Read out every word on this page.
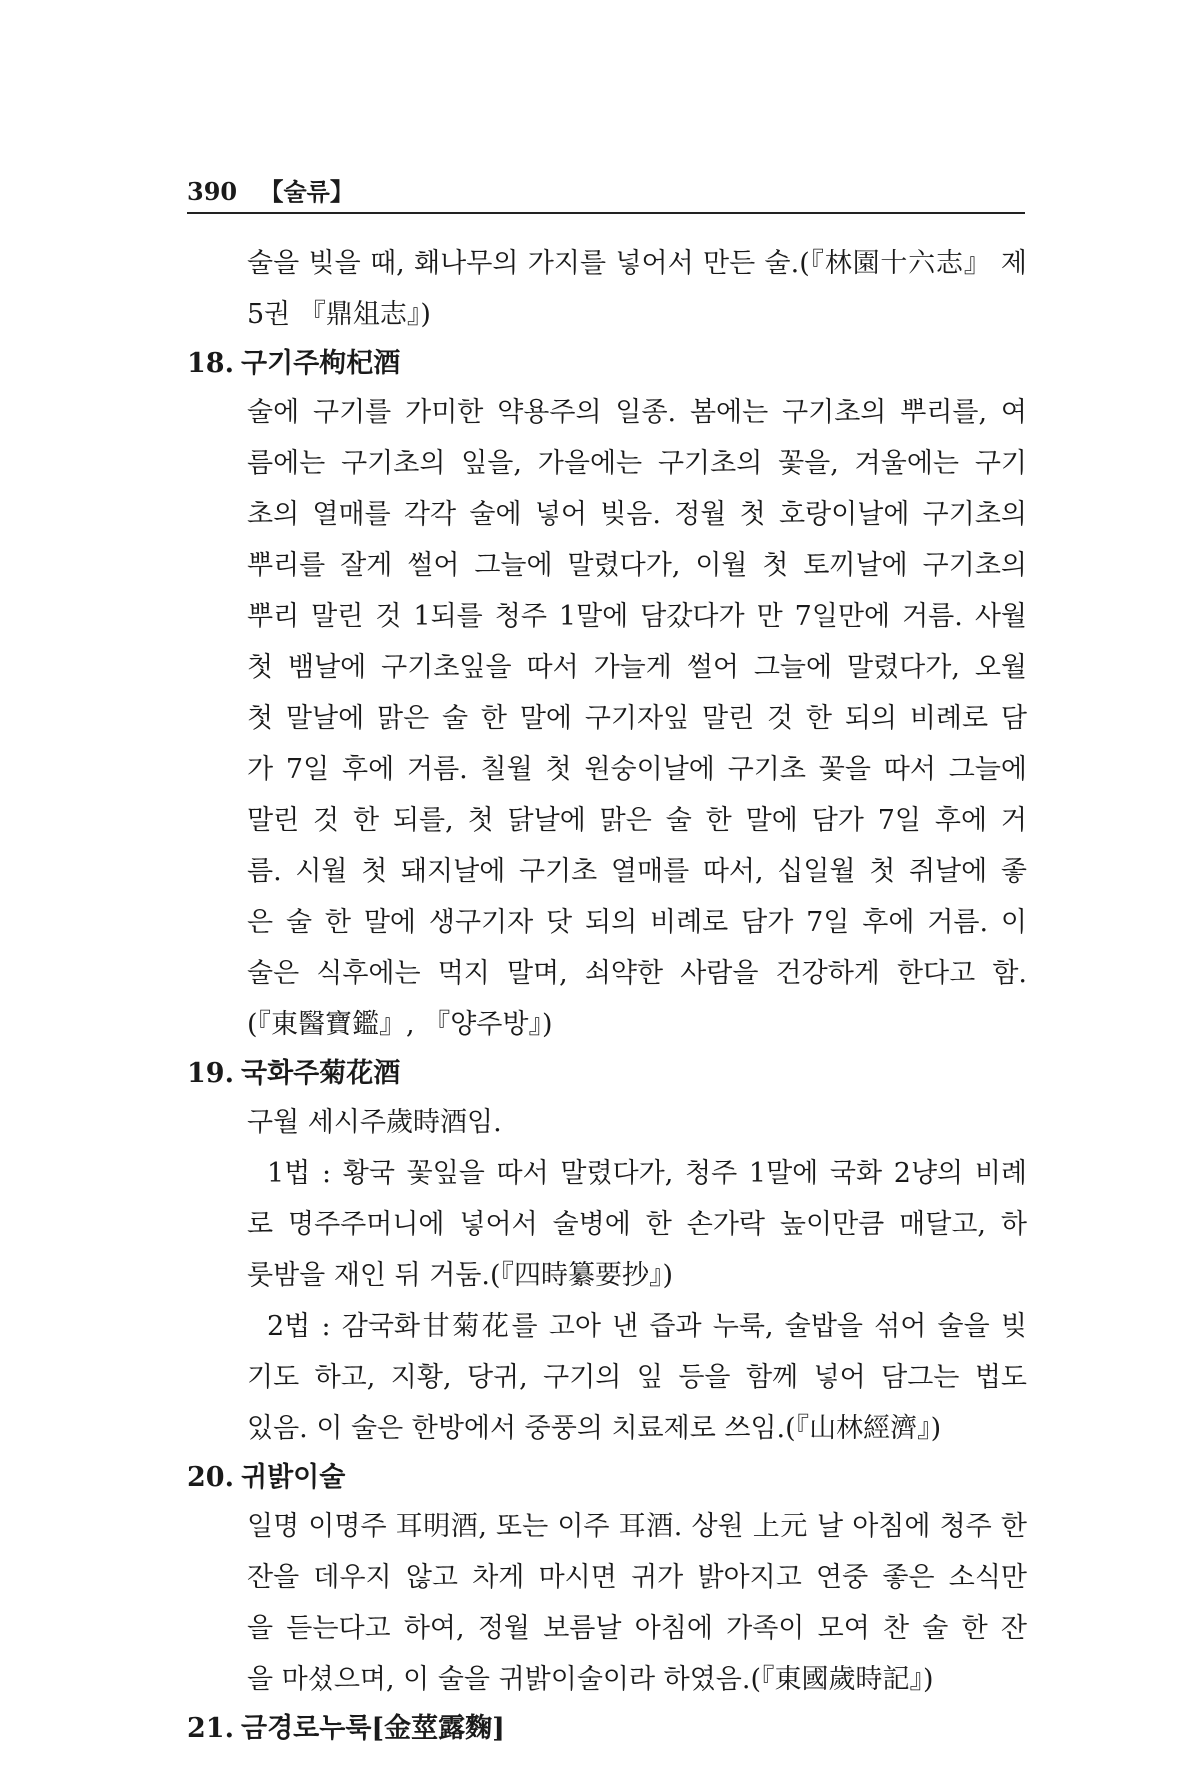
390 【술류】
술을 빚을 때, 홰나무의 가지를 넣어서 만든 술.(『林園十六志』 제
5권 『鼎俎志』)
18. 구기주枸杞酒
술에 구기를 가미한 약용주의 일종. 봄에는 구기초의 뿌리를, 여
름에는 구기초의 잎을, 가을에는 구기초의 꽃을, 겨울에는 구기
초의 열매를 각각 술에 넣어 빚음. 정월 첫 호랑이날에 구기초의
뿌리를 잘게 썰어 그늘에 말렸다가, 이월 첫 토끼날에 구기초의
뿌리 말린 것 1되를 청주 1말에 담갔다가 만 7일만에 거름. 사월
첫 뱀날에 구기초잎을 따서 가늘게 썰어 그늘에 말렸다가, 오월
첫 말날에 맑은 술 한 말에 구기자잎 말린 것 한 되의 비례로 담
가 7일 후에 거름. 칠월 첫 원숭이날에 구기초 꽃을 따서 그늘에
말린 것 한 되를, 첫 닭날에 맑은 술 한 말에 담가 7일 후에 거
름. 시월 첫 돼지날에 구기초 열매를 따서, 십일월 첫 쥐날에 좋
은 술 한 말에 생구기자 닷 되의 비례로 담가 7일 후에 거름. 이
술은 식후에는 먹지 말며, 쇠약한 사람을 건강하게 한다고 함.
(『東醫寶鑑』, 『양주방』)
19. 국화주菊花酒
구월 세시주歲時酒임.
1법 : 황국 꽃잎을 따서 말렸다가, 청주 1말에 국화 2냥의 비례
로 명주주머니에 넣어서 술병에 한 손가락 높이만큼 매달고, 하
룻밤을 재인 뒤 거둠.(『四時纂要抄』)
2법 : 감국화甘菊花를 고아 낸 즙과 누룩, 술밥을 섞어 술을 빚
기도 하고, 지황, 당귀, 구기의 잎 등을 함께 넣어 담그는 법도
있음. 이 술은 한방에서 중풍의 치료제로 쓰임.(『山林經濟』)
20. 귀밝이술
일명 이명주 耳明酒, 또는 이주 耳酒. 상원 上元 날 아침에 청주 한
잔을 데우지 않고 차게 마시면 귀가 밝아지고 연중 좋은 소식만
을 듣는다고 하여, 정월 보름날 아침에 가족이 모여 찬 술 한 잔
을 마셨으며, 이 술을 귀밝이술이라 하였음.(『東國歲時記』)
21. 금경로누룩[金莖露麴]
